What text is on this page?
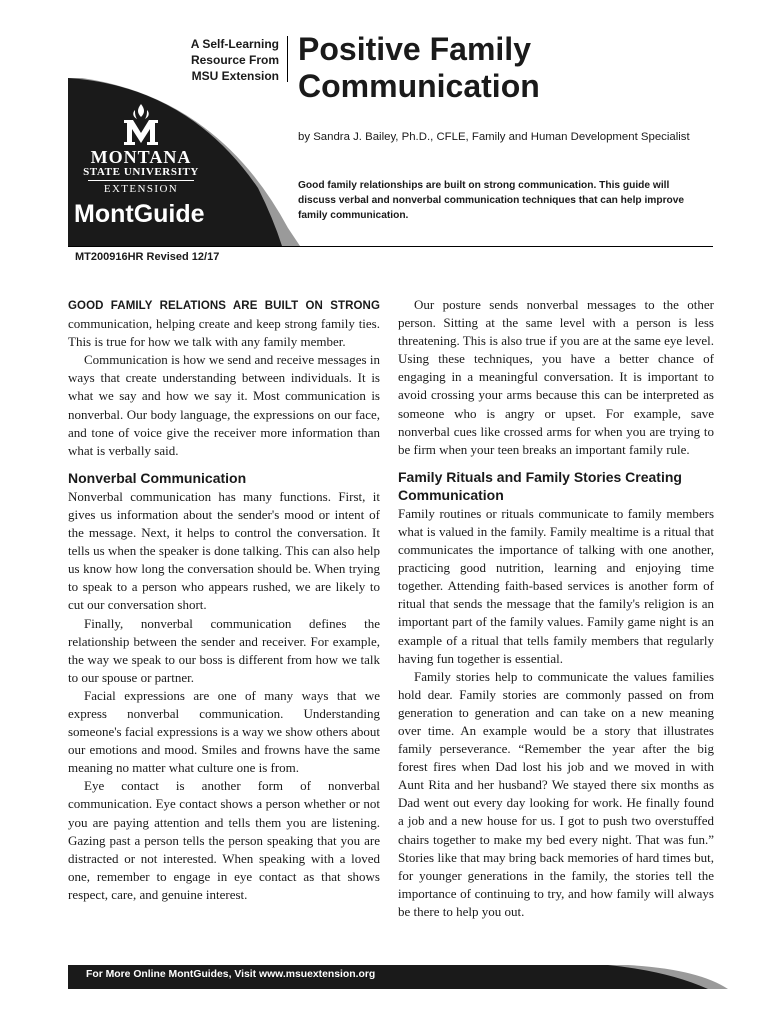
A Self-Learning
Resource From
MSU Extension
Positive Family
Communication
by Sandra J. Bailey, Ph.D., CFLE, Family and Human Development Specialist
Good family relationships are built on strong communication. This guide will discuss verbal and nonverbal communication techniques that can help improve family communication.
MONTANA
STATE UNIVERSITY
EXTENSION
MontGuide
MT200916HR Revised 12/17

GOOD FAMILY RELATIONS ARE BUILT ON STRONG communication, helping create and keep strong family ties. This is true for how we talk with any family member.

Communication is how we send and receive messages in ways that create understanding between individuals. It is what we say and how we say it. Most communication is nonverbal. Our body language, the expressions on our face, and tone of voice give the receiver more information than what is verbally said.

Nonverbal Communication

Nonverbal communication has many functions. First, it gives us information about the sender's mood or intent of the message. Next, it helps to control the conversation. It tells us when the speaker is done talking. This can also help us know how long the conversation should be. When trying to speak to a person who appears rushed, we are likely to cut our conversation short.

Finally, nonverbal communication defines the relationship between the sender and receiver. For example, the way we speak to our boss is different from how we talk to our spouse or partner.

Facial expressions are one of many ways that we express nonverbal communication. Understanding someone's facial expressions is a way we show others about our emotions and mood. Smiles and frowns have the same meaning no matter what culture one is from.

Eye contact is another form of nonverbal communication. Eye contact shows a person whether or not you are paying attention and tells them you are listening. Gazing past a person tells the person speaking that you are distracted or not interested. When speaking with a loved one, remember to engage in eye contact as that shows respect, care, and genuine interest.

Our posture sends nonverbal messages to the other person. Sitting at the same level with a person is less threatening. This is also true if you are at the same eye level. Using these techniques, you have a better chance of engaging in a meaningful conversation. It is important to avoid crossing your arms because this can be interpreted as someone who is angry or upset. For example, save nonverbal cues like crossed arms for when you are trying to be firm when your teen breaks an important family rule.

Family Rituals and Family Stories Creating Communication

Family routines or rituals communicate to family members what is valued in the family. Family mealtime is a ritual that communicates the importance of talking with one another, practicing good nutrition, learning and enjoying time together. Attending faith-based services is another form of ritual that sends the message that the family's religion is an important part of the family values. Family game night is an example of a ritual that tells family members that regularly having fun together is essential.

Family stories help to communicate the values families hold dear. Family stories are commonly passed on from generation to generation and can take on a new meaning over time. An example would be a story that illustrates family perseverance. “Remember the year after the big forest fires when Dad lost his job and we moved in with Aunt Rita and her husband? We stayed there six months as Dad went out every day looking for work. He finally found a job and a new house for us. I got to push two overstuffed chairs together to make my bed every night. That was fun.” Stories like that may bring back memories of hard times but, for younger generations in the family, the stories tell the importance of continuing to try, and how family will always be there to help you out.

For More Online MontGuides, Visit www.msuextension.org
